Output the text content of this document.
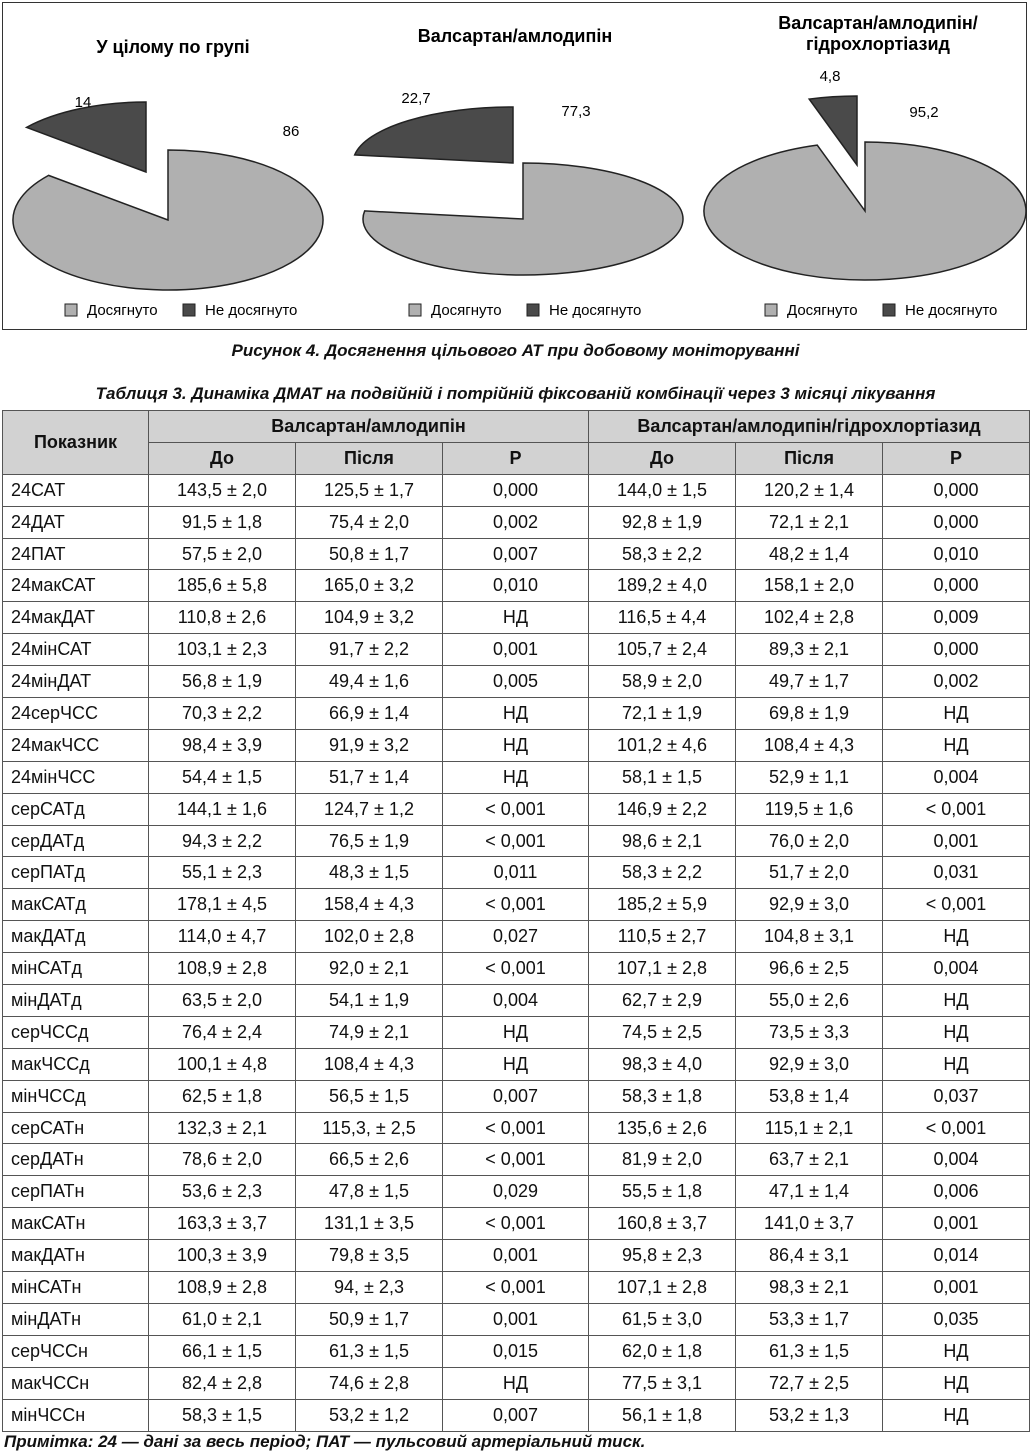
У цілому по групі
86
14
Досягнуто	Не досягнуто
Валсартан/амлодипін
77,3
22,7
Досягнуто	Не досягнуто
Валсартан/амлодипін/
гідрохлортіазид
95,2
4,8
Досягнуто	Не досягнуто
Рисунок 4. Досягнення цільового АТ при добовому моніторуванні
Таблиця 3. Динаміка ДМАТ на подвійній і потрійній фіксованій комбінації через 3 місяці лікування
Показник	Валсартан/амлодипін			Валсартан/амлодипін/гідрохлортіазид		
	До	Після	P	До	Після	P
24САТ	143,5 ± 2,0	125,5 ± 1,7	0,000	144,0 ± 1,5	120,2 ± 1,4	0,000
24ДАТ	91,5 ± 1,8	75,4 ± 2,0	0,002	92,8 ± 1,9	72,1 ± 2,1	0,000
24ПАТ	57,5 ± 2,0	50,8 ± 1,7	0,007	58,3 ± 2,2	48,2 ± 1,4	0,010
24макСАТ	185,6 ± 5,8	165,0 ± 3,2	0,010	189,2 ± 4,0	158,1 ± 2,0	0,000
24макДАТ	110,8 ± 2,6	104,9 ± 3,2	НД	116,5 ± 4,4	102,4 ± 2,8	0,009
24мінСАТ	103,1 ± 2,3	91,7 ± 2,2	0,001	105,7 ± 2,4	89,3 ± 2,1	0,000
24мінДАТ	56,8 ± 1,9	49,4 ± 1,6	0,005	58,9 ± 2,0	49,7 ± 1,7	0,002
24серЧСС	70,3 ± 2,2	66,9 ± 1,4	НД	72,1 ± 1,9	69,8 ± 1,9	НД
24макЧСС	98,4 ± 3,9	91,9 ± 3,2	НД	101,2 ± 4,6	108,4 ± 4,3	НД
24мінЧСС	54,4 ± 1,5	51,7 ± 1,4	НД	58,1 ± 1,5	52,9 ± 1,1	0,004
серСАТд	144,1 ± 1,6	124,7 ± 1,2	< 0,001	146,9 ± 2,2	119,5 ± 1,6	< 0,001
серДАТд	94,3 ± 2,2	76,5 ± 1,9	< 0,001	98,6 ± 2,1	76,0 ± 2,0	0,001
серПАТд	55,1 ± 2,3	48,3 ± 1,5	0,011	58,3 ± 2,2	51,7 ± 2,0	0,031
макСАТд	178,1 ± 4,5	158,4 ± 4,3	< 0,001	185,2 ± 5,9	92,9 ± 3,0	< 0,001
макДАТд	114,0 ± 4,7	102,0 ± 2,8	0,027	110,5 ± 2,7	104,8 ± 3,1	НД
мінСАТд	108,9 ± 2,8	92,0 ± 2,1	< 0,001	107,1 ± 2,8	96,6 ± 2,5	0,004
мінДАТд	63,5 ± 2,0	54,1 ± 1,9	0,004	62,7 ± 2,9	55,0 ± 2,6	НД
серЧССд	76,4 ± 2,4	74,9 ± 2,1	НД	74,5 ± 2,5	73,5 ± 3,3	НД
макЧССд	100,1 ± 4,8	108,4 ± 4,3	НД	98,3 ± 4,0	92,9 ± 3,0	НД
мінЧССд	62,5 ± 1,8	56,5 ± 1,5	0,007	58,3 ± 1,8	53,8 ± 1,4	0,037
серСАТн	132,3 ± 2,1	115,3, ± 2,5	< 0,001	135,6 ± 2,6	115,1 ± 2,1	< 0,001
серДАТн	78,6 ± 2,0	66,5 ± 2,6	< 0,001	81,9 ± 2,0	63,7 ± 2,1	0,004
серПАТн	53,6 ± 2,3	47,8 ± 1,5	0,029	55,5 ± 1,8	47,1 ± 1,4	0,006
макСАТн	163,3 ± 3,7	131,1 ± 3,5	< 0,001	160,8 ± 3,7	141,0 ± 3,7	0,001
макДАТн	100,3 ± 3,9	79,8 ± 3,5	0,001	95,8 ± 2,3	86,4 ± 3,1	0,014
мінСАТн	108,9 ± 2,8	94, ± 2,3	< 0,001	107,1 ± 2,8	98,3 ± 2,1	0,001
мінДАТн	61,0 ± 2,1	50,9 ± 1,7	0,001	61,5 ± 3,0	53,3 ± 1,7	0,035
серЧССн	66,1 ± 1,5	61,3 ± 1,5	0,015	62,0 ± 1,8	61,3 ± 1,5	НД
макЧССн	82,4 ± 2,8	74,6 ± 2,8	НД	77,5 ± 3,1	72,7 ± 2,5	НД
мінЧССн	58,3 ± 1,5	53,2 ± 1,2	0,007	56,1 ± 1,8	53,2 ± 1,3	НД
Примітка: 24 — дані за весь період; ПАТ — пульсовий артеріальний тиск.
